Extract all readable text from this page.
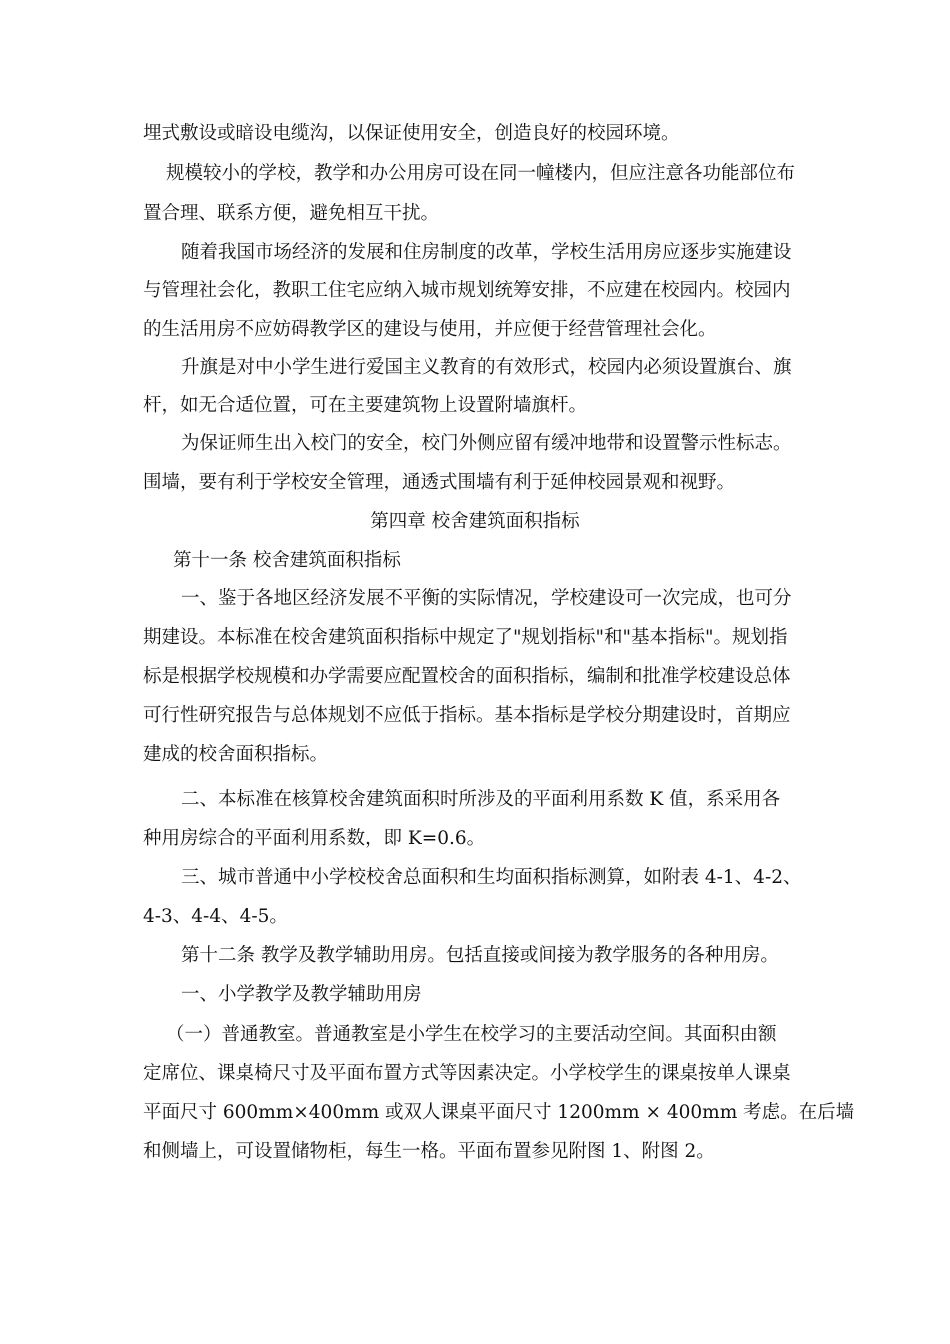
埋式敷设或暗设电缆沟，以保证使用安全，创造良好的校园环境。
规模较小的学校，教学和办公用房可设在同一幢楼内，但应注意各功能部位布
置合理、联系方便，避免相互干扰。
随着我国市场经济的发展和住房制度的改革，学校生活用房应逐步实施建设
与管理社会化，教职工住宅应纳入城市规划统筹安排，不应建在校园内。校园内
的生活用房不应妨碍教学区的建设与使用，并应便于经营管理社会化。
升旗是对中小学生进行爱国主义教育的有效形式，校园内必须设置旗台、旗
杆，如无合适位置，可在主要建筑物上设置附墙旗杆。
为保证师生出入校门的安全，校门外侧应留有缓冲地带和设置警示性标志。
围墙，要有利于学校安全管理，通透式围墙有利于延伸校园景观和视野。
第四章 校舍建筑面积指标
第十一条 校舍建筑面积指标
一、鉴于各地区经济发展不平衡的实际情况，学校建设可一次完成，也可分
期建设。本标准在校舍建筑面积指标中规定了"规划指标"和"基本指标"。规划指
标是根据学校规模和办学需要应配置校舍的面积指标，编制和批准学校建设总体
可行性研究报告与总体规划不应低于指标。基本指标是学校分期建设时，首期应
建成的校舍面积指标。
二、本标准在核算校舍建筑面积时所涉及的平面利用系数 K 值，系采用各
种用房综合的平面利用系数，即 K=0.6。
三、城市普通中小学校校舍总面积和生均面积指标测算，如附表 4-1、4-2、
4-3、4-4、4-5。
第十二条 教学及教学辅助用房。包括直接或间接为教学服务的各种用房。
一、小学教学及教学辅助用房
（一）普通教室。普通教室是小学生在校学习的主要活动空间。其面积由额
定席位、课桌椅尺寸及平面布置方式等因素决定。小学校学生的课桌按单人课桌
平面尺寸 600mm×400mm 或双人课桌平面尺寸 1200mm × 400mm 考虑。在后墙
和侧墙上，可设置储物柜，每生一格。平面布置参见附图 1、附图 2。
